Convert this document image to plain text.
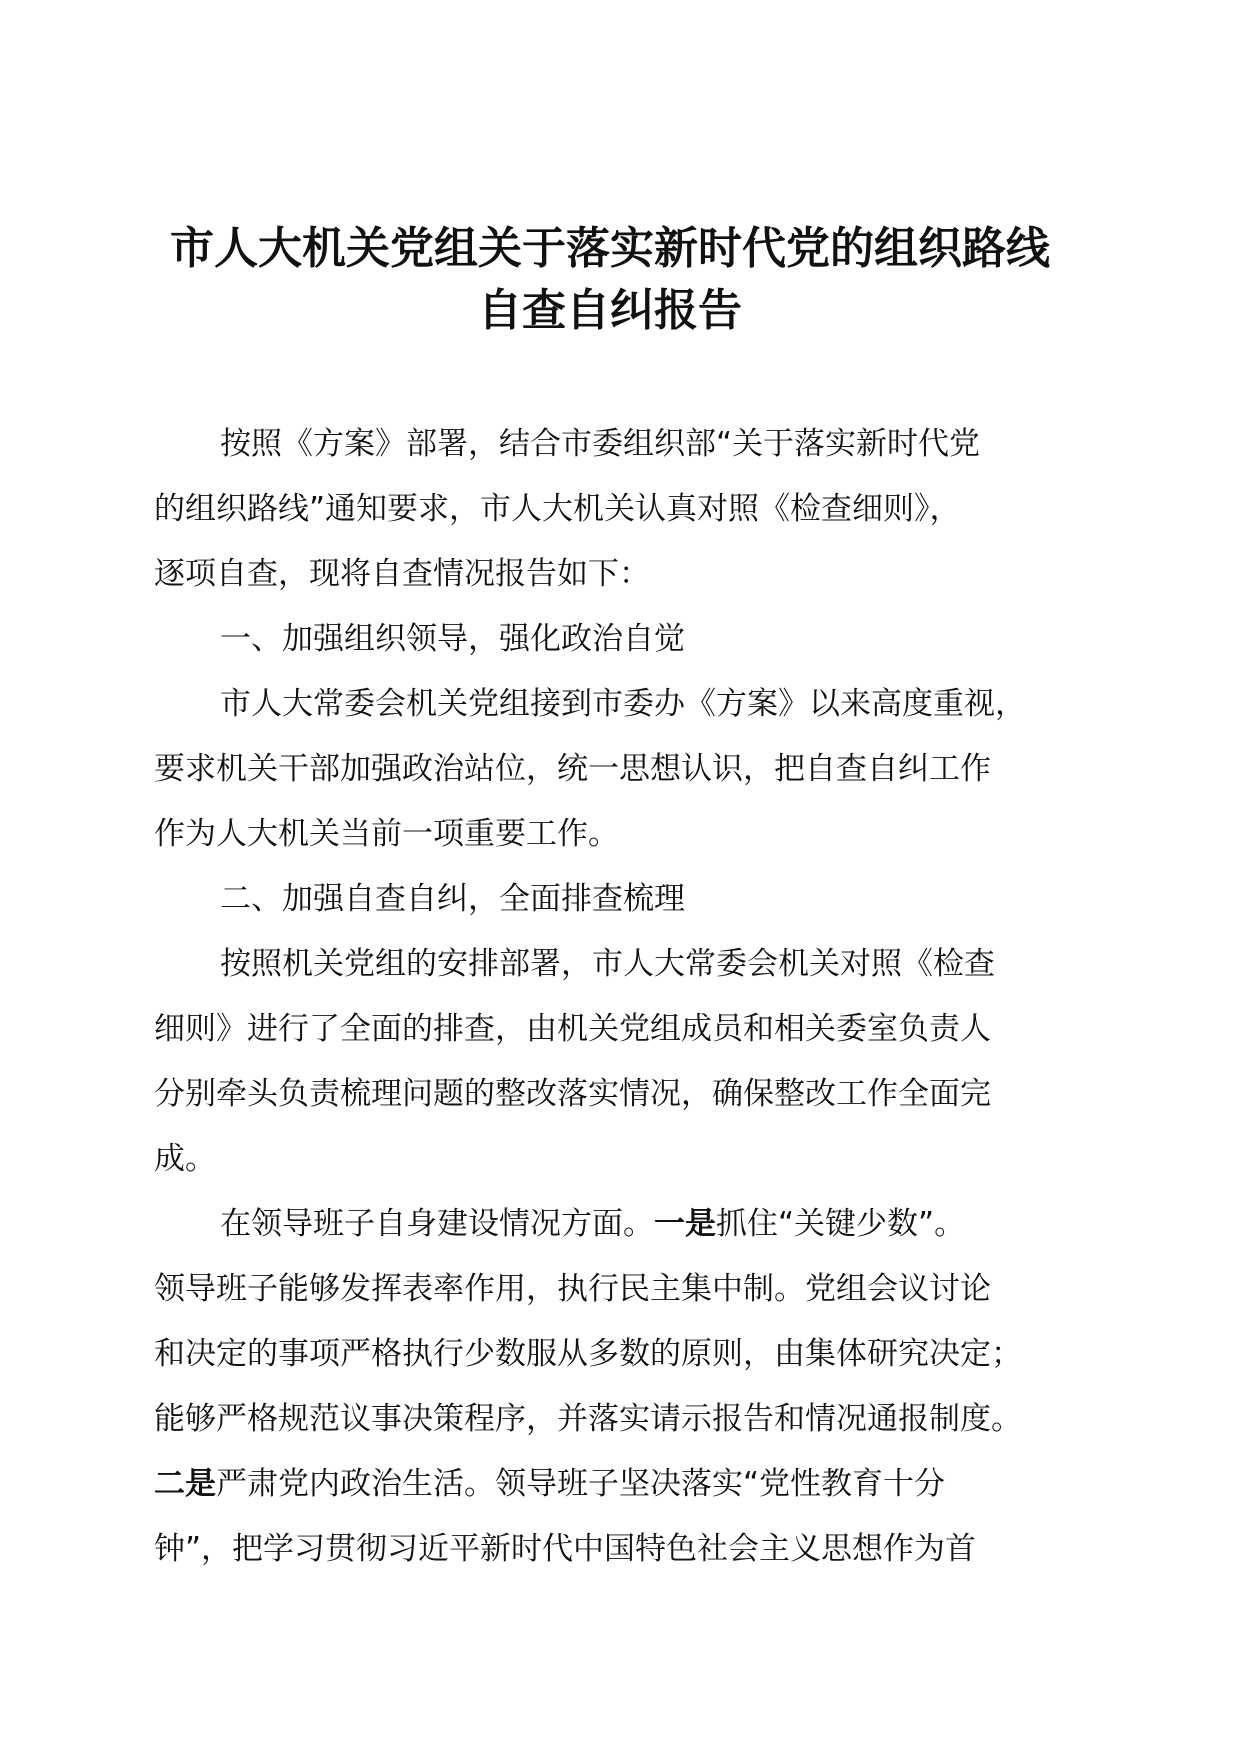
市人大机关党组关于落实新时代党的组织路线
自查自纠报告
按照《方案》部署，结合市委组织部“关于落实新时代党
的组织路线”通知要求，市人大机关认真对照《检查细则》，
逐项自查，现将自查情况报告如下：
一、加强组织领导，强化政治自觉
市人大常委会机关党组接到市委办《方案》以来高度重视，
要求机关干部加强政治站位，统一思想认识，把自查自纠工作
作为人大机关当前一项重要工作。
二、加强自查自纠，全面排查梳理
按照机关党组的安排部署，市人大常委会机关对照《检查
细则》进行了全面的排查，由机关党组成员和相关委室负责人
分别牵头负责梳理问题的整改落实情况，确保整改工作全面完
成。
在领导班子自身建设情况方面。一是抓住“关键少数”。
领导班子能够发挥表率作用，执行民主集中制。党组会议讨论
和决定的事项严格执行少数服从多数的原则，由集体研究决定；
能够严格规范议事决策程序，并落实请示报告和情况通报制度。
二是严肃党内政治生活。领导班子坚决落实“党性教育十分
钟”，把学习贯彻习近平新时代中国特色社会主义思想作为首
